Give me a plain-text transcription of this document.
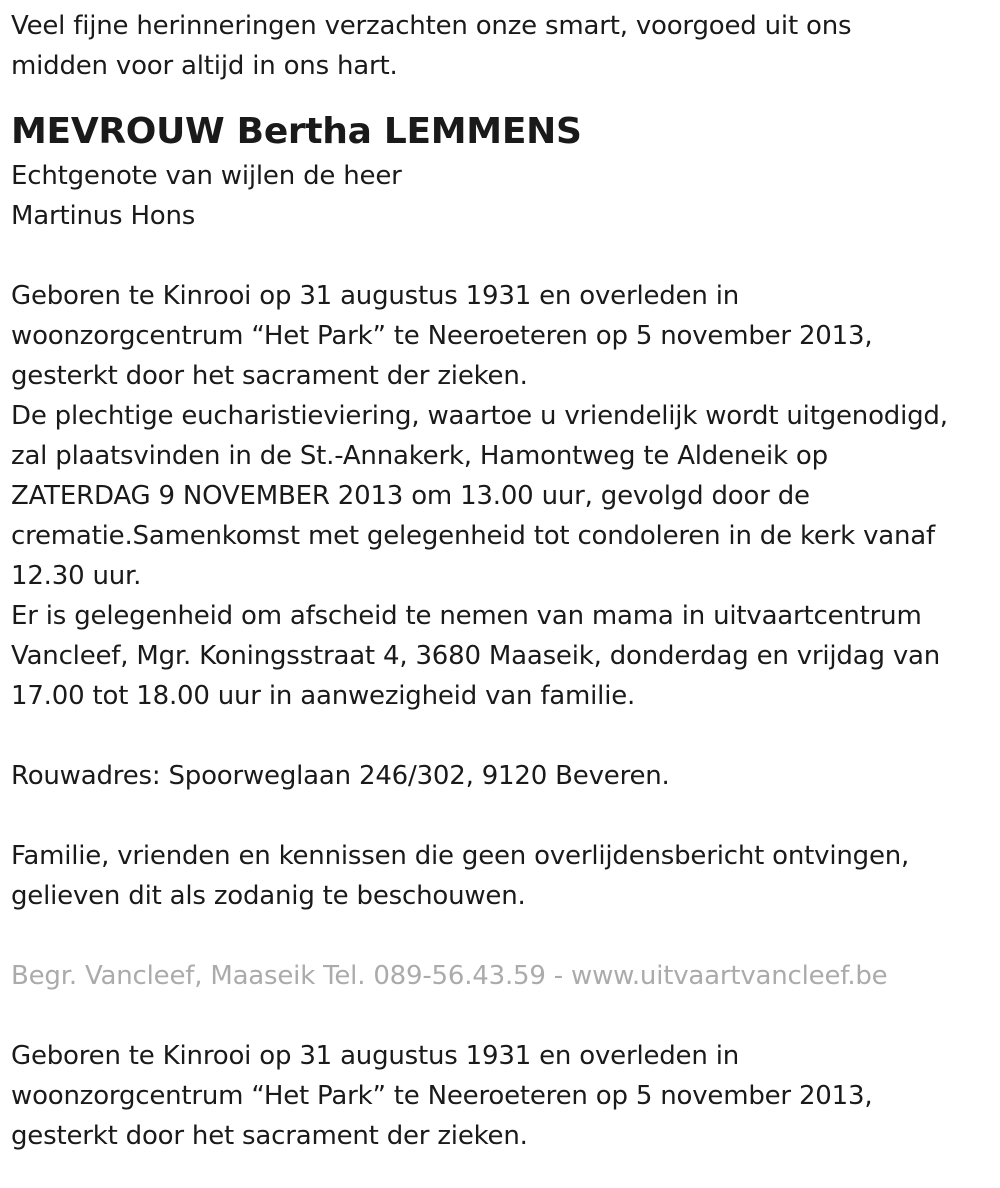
Veel fijne herinneringen verzachten onze smart, voorgoed uit ons

midden voor altijd in ons hart.

MEVROUW Bertha LEMMENS

Echtgenote van wijlen de heer

Martinus Hons

Geboren te Kinrooi op 31 augustus 1931 en overleden in

woonzorgcentrum “Het Park” te Neeroeteren op 5 november 2013,

gesterkt door het sacrament der zieken.

De plechtige eucharistieviering, waartoe u vriendelijk wordt uitgenodigd,

zal plaatsvinden in de St.-Annakerk, Hamontweg te Aldeneik op

ZATERDAG 9 NOVEMBER 2013 om 13.00 uur, gevolgd door de

crematie.Samenkomst met gelegenheid tot condoleren in de kerk vanaf

12.30 uur.

Er is gelegenheid om afscheid te nemen van mama in uitvaartcentrum

Vancleef, Mgr. Koningsstraat 4, 3680 Maaseik, donderdag en vrijdag van

17.00 tot 18.00 uur in aanwezigheid van familie.

Rouwadres: Spoorweglaan 246/302, 9120 Beveren.

Familie, vrienden en kennissen die geen overlijdensbericht ontvingen,

gelieven dit als zodanig te beschouwen.

Begr. Vancleef, Maaseik Tel. 089-56.43.59 - www.uitvaartvancleef.be

Geboren te Kinrooi op 31 augustus 1931 en overleden in

woonzorgcentrum “Het Park” te Neeroeteren op 5 november 2013,

gesterkt door het sacrament der zieken.
